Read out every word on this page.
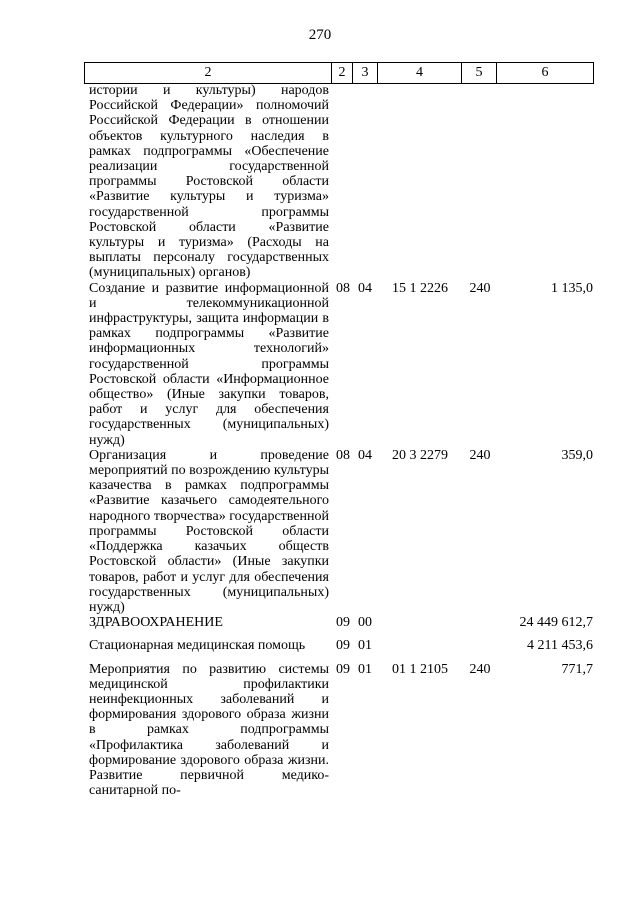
270
2	2	3	4	5	6
истории и культуры) народов Российской Федерации» полномочий Российской Федерации в отношении объектов культурного наследия в рамках подпрограммы «Обеспечение реализации государственной программы Ростовской области «Развитие культуры и туризма» государственной программы Ростовской области «Развитие культуры и туризма» (Расходы на выплаты персоналу государственных (муниципальных) органов)					
Создание и развитие информационной и телекоммуникационной инфраструктуры, защита информации в рамках подпрограммы «Развитие информационных технологий» государственной программы Ростовской области «Информационное общество» (Иные закупки товаров, работ и услуг для обеспечения государственных (муниципальных) нужд)	08	04	15 1 2226	240	1 135,0
Организация и проведение мероприятий по возрождению культуры казачества в рамках подпрограммы «Развитие казачьего самодеятельного народного творчества» государственной программы Ростовской области «Поддержка казачьих обществ Ростовской области» (Иные закупки товаров, работ и услуг для обеспечения государственных (муниципальных) нужд)	08	04	20 3 2279	240	359,0
ЗДРАВООХРАНЕНИЕ	09	00			24 449 612,7
Стационарная медицинская помощь	09	01			4 211 453,6
Мероприятия по развитию системы медицинской профилактики неинфекционных заболеваний и формирования здорового образа жизни в рамках подпрограммы «Профилактика заболеваний и формирование здорового образа жизни. Развитие первичной медико-санитарной по-	09	01	01 1 2105	240	771,7
